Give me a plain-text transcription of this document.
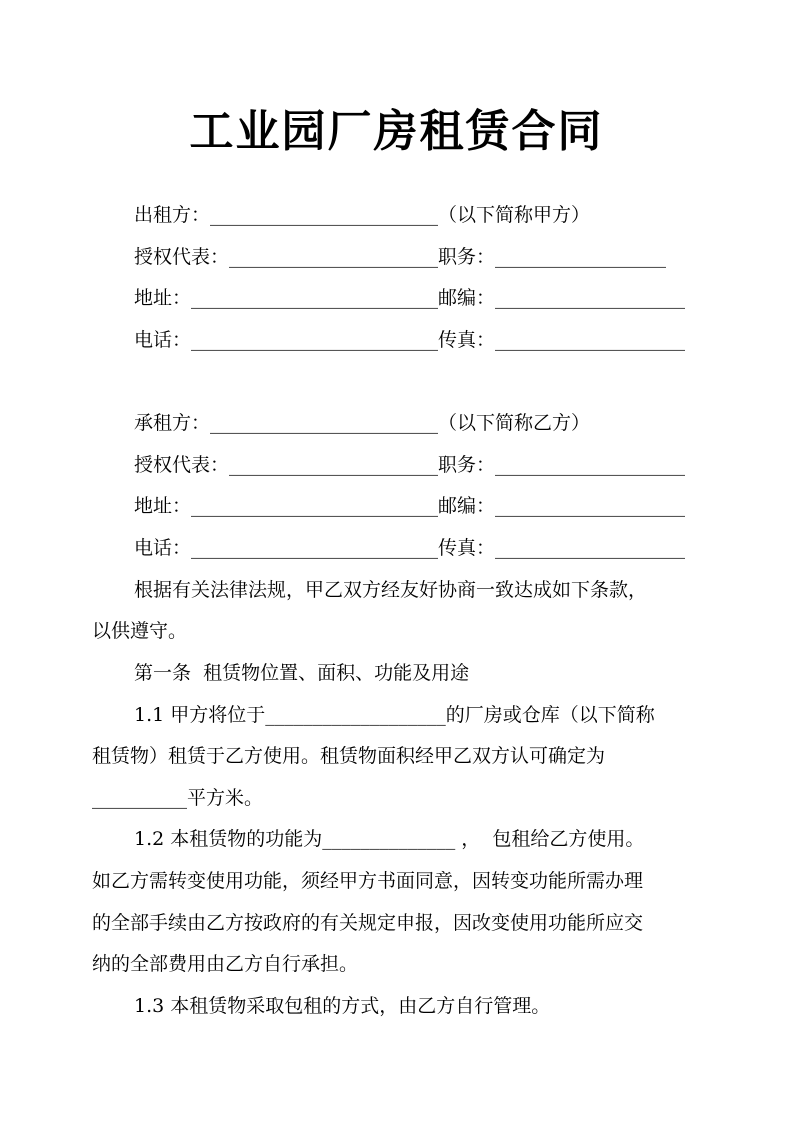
工业园厂房租赁合同
出租方：________________________（以下简称甲方）
授权代表：______________________职务：__________________
地址：__________________________邮编：____________________
电话：__________________________传真：____________________
承租方：________________________（以下简称乙方）
授权代表：______________________职务：____________________
地址：__________________________邮编：____________________
电话：__________________________传真：____________________
根据有关法律法规，甲乙双方经友好协商一致达成如下条款，
以供遵守。
第一条  租赁物位置、面积、功能及用途
1.1 甲方将位于___________________的厂房或仓库（以下简称
租赁物）租赁于乙方使用。租赁物面积经甲乙双方认可确定为
__________平方米。
1.2 本租赁物的功能为______________ ，  包租给乙方使用。
如乙方需转变使用功能，须经甲方书面同意，因转变功能所需办理
的全部手续由乙方按政府的有关规定申报，因改变使用功能所应交
纳的全部费用由乙方自行承担。
1.3 本租赁物采取包租的方式，由乙方自行管理。
